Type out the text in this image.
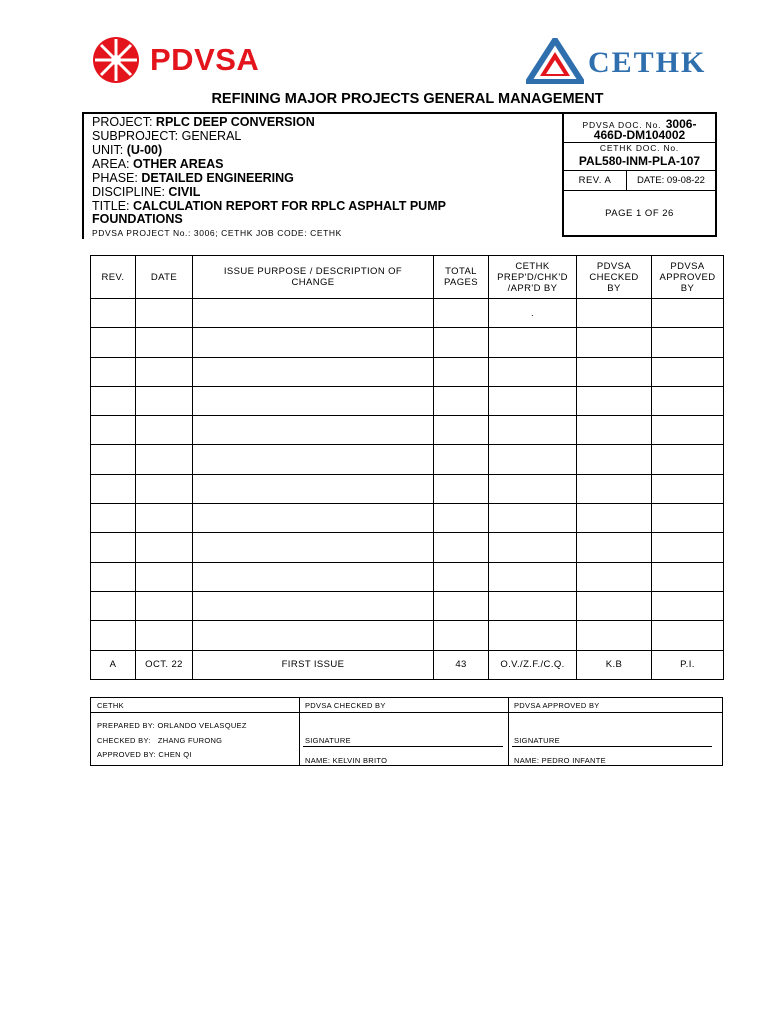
PDVSA	CETHK
REFINING MAJOR PROJECTS GENERAL MANAGEMENT
PROJECT: RPLC DEEP CONVERSION
SUBPROJECT: GENERAL
UNIT: (U-00)
AREA: OTHER AREAS
PHASE: DETAILED ENGINEERING
DISCIPLINE: CIVIL
TITLE: CALCULATION REPORT FOR RPLC ASPHALT PUMP
FOUNDATIONS
PDVSA PROJECT No.: 3006; CETHK JOB CODE: CETHK
PDVSA DOC. No. 3006-
466D-DM104002
CETHK DOC. No.
PAL580-INM-PLA-107
REV. A	DATE: 09-08-22
PAGE 1 OF 26
REV.	DATE	ISSUE PURPOSE / DESCRIPTION OF CHANGE	TOTAL PAGES	CETHK PREP'D/CHK'D /APR'D BY	PDVSA CHECKED BY	PDVSA APPROVED BY
				.		

A	OCT. 22	FIRST ISSUE	43	O.V./Z.F./C.Q.	K.B	P.I.
CETHK	PDVSA CHECKED BY	PDVSA APPROVED BY
PREPARED BY: ORLANDO VELASQUEZ
CHECKED BY:   ZHANG FURONG
APPROVED BY: CHEN QI
SIGNATURE
NAME: KELVIN BRITO
SIGNATURE
NAME: PEDRO INFANTE
